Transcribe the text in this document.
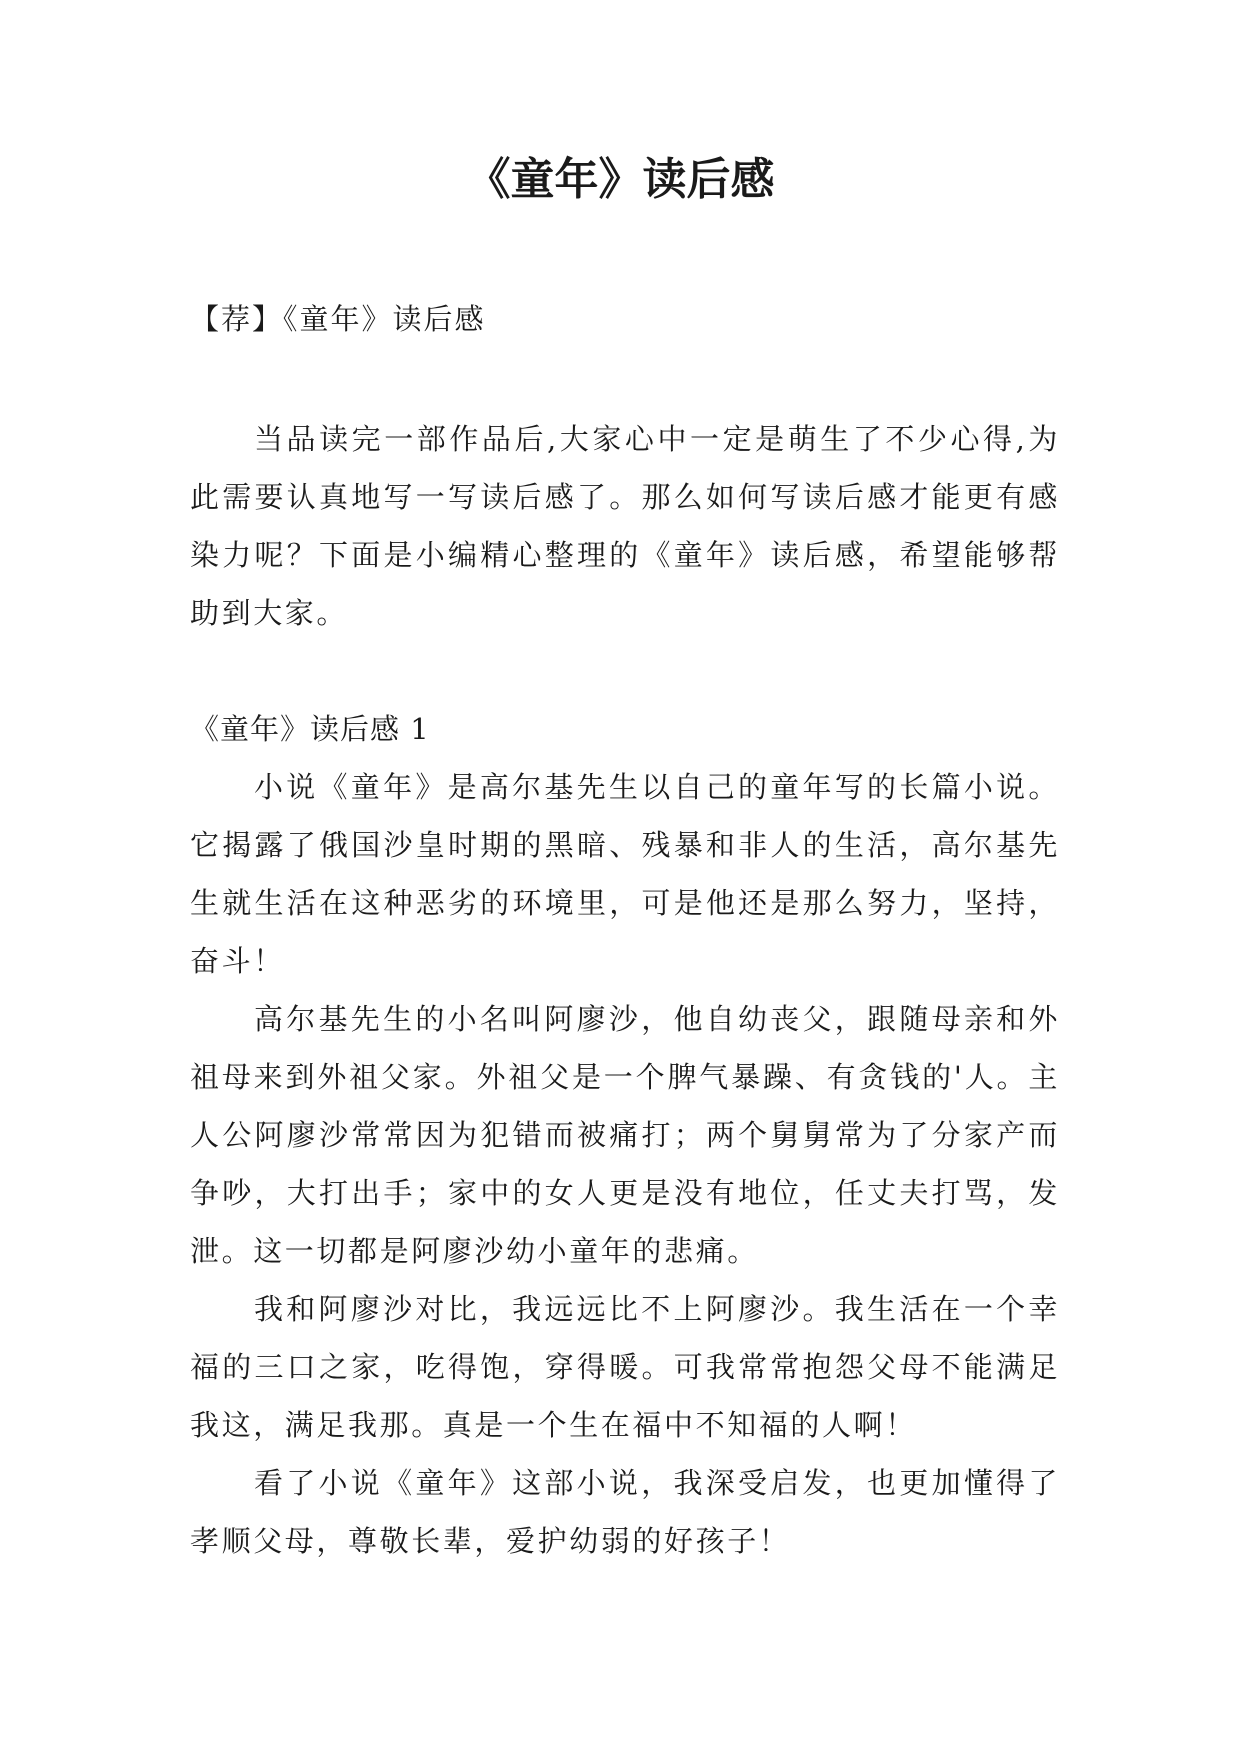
《童年》读后感

【荐】《童年》读后感

当品读完一部作品后,大家心中一定是萌生了不少心得,为此需要认真地写一写读后感了。那么如何写读后感才能更有感染力呢？下面是小编精心整理的《童年》读后感，希望能够帮助到大家。

《童年》读后感 1

小说《童年》是高尔基先生以自己的童年写的长篇小说。它揭露了俄国沙皇时期的黑暗、残暴和非人的生活，高尔基先生就生活在这种恶劣的环境里，可是他还是那么努力，坚持，奋斗！

高尔基先生的小名叫阿廖沙，他自幼丧父，跟随母亲和外祖母来到外祖父家。外祖父是一个脾气暴躁、有贪钱的'人。主人公阿廖沙常常因为犯错而被痛打；两个舅舅常为了分家产而争吵，大打出手；家中的女人更是没有地位，任丈夫打骂，发泄。这一切都是阿廖沙幼小童年的悲痛。

我和阿廖沙对比，我远远比不上阿廖沙。我生活在一个幸福的三口之家，吃得饱，穿得暖。可我常常抱怨父母不能满足我这，满足我那。真是一个生在福中不知福的人啊！

看了小说《童年》这部小说，我深受启发，也更加懂得了孝顺父母，尊敬长辈，爱护幼弱的好孩子！
